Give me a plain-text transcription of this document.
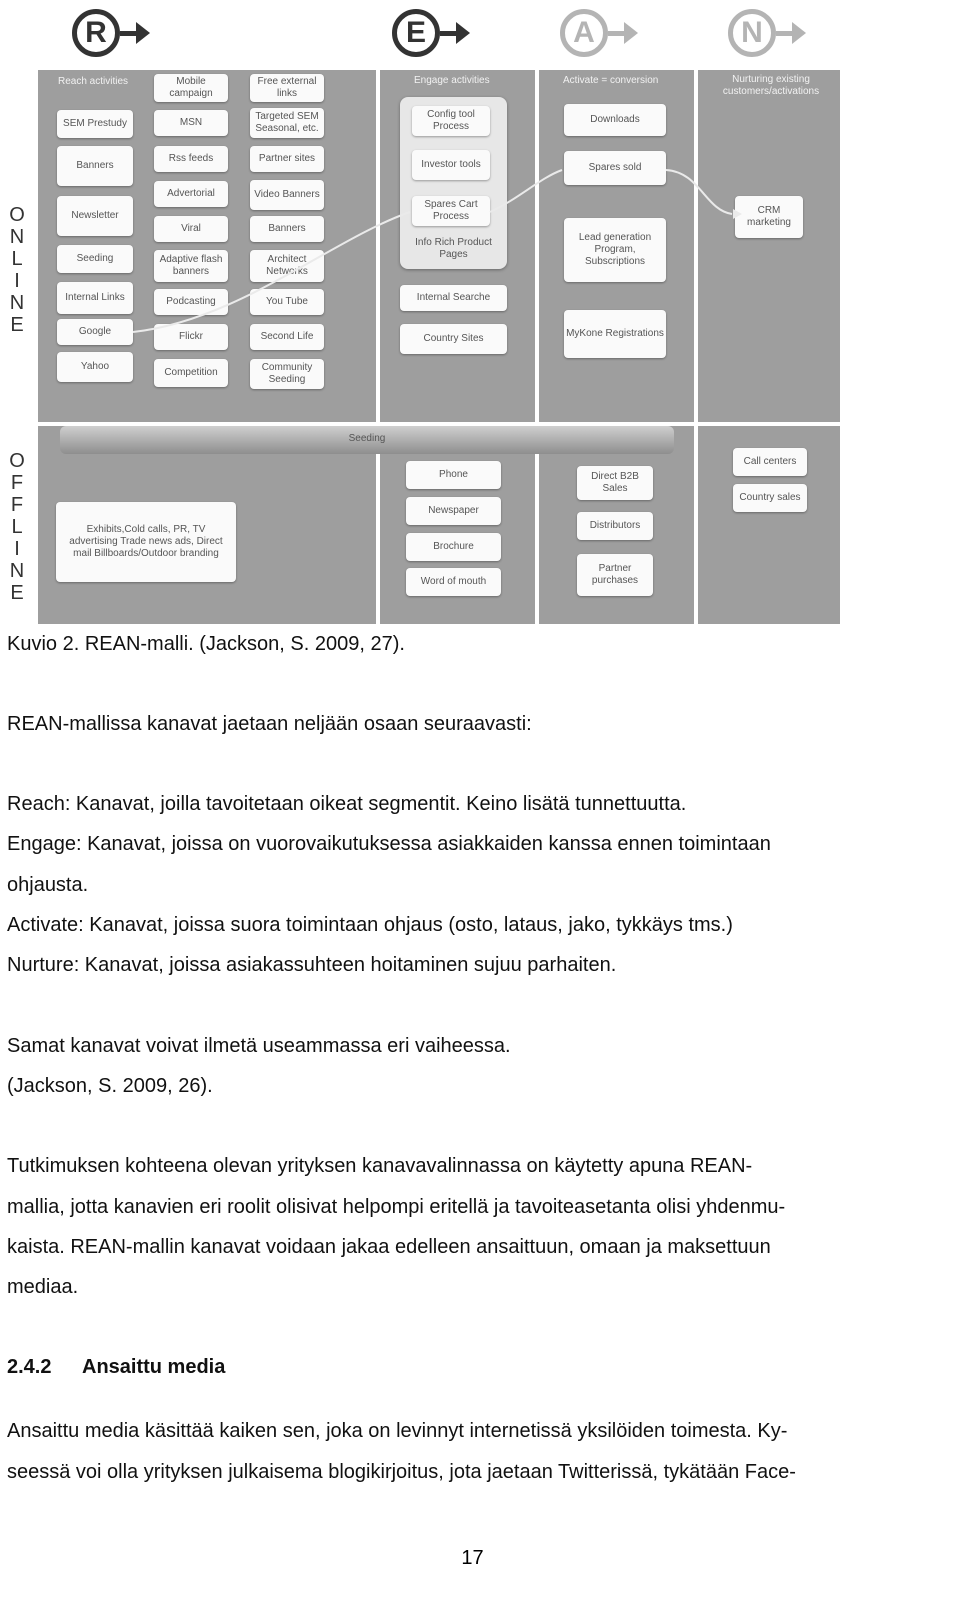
R	E	A	N
O
N
L
I
N
E
O
F
F
L
I
N
E
Reach activities	Engage activities	Activate = conversion	Nurturing existing customers/activations
SEM Prestudy
Banners
Newsletter
Seeding
Internal Links
Google
Yahoo
Mobile campaign
MSN
Rss feeds
Advertorial
Viral
Adaptive flash banners
Podcasting
Flickr
Competition
Free external links
Targeted SEM Seasonal, etc.
Partner sites
Video Banners
Banners
Architect Networks
You Tube
Second Life
Community Seeding
Info Rich Product Pages
Config tool Process
Investor tools
Spares Cart Process
Internal Searche
Country Sites
Downloads
Spares sold
Lead generation Program, Subscriptions
MyKone Registrations
CRM marketing
Seeding
Exhibits,Cold calls, PR, TV advertising Trade news ads, Direct mail Billboards/Outdoor branding
Phone
Newspaper
Brochure
Word of mouth
Direct B2B Sales
Distributors
Partner purchases
Call centers
Country sales
Kuvio 2. REAN-malli. (Jackson, S. 2009, 27).
REAN-mallissa kanavat jaetaan neljään osaan seuraavasti:
Reach: Kanavat, joilla tavoitetaan oikeat segmentit. Keino lisätä tunnettuutta.
Engage: Kanavat, joissa on vuorovaikutuksessa asiakkaiden kanssa ennen toimintaan
ohjausta.
Activate: Kanavat, joissa suora toimintaan ohjaus (osto, lataus, jako, tykkäys tms.)
Nurture: Kanavat, joissa asiakassuhteen hoitaminen sujuu parhaiten.
Samat kanavat voivat ilmetä useammassa eri vaiheessa.
(Jackson, S. 2009, 26).
Tutkimuksen kohteena olevan yrityksen kanavavalinnassa on käytetty apuna REAN-
mallia, jotta kanavien eri roolit olisivat helpompi eritellä ja tavoiteasetanta olisi yhdenmu-
kaista. REAN-mallin kanavat voidaan jakaa edelleen ansaittuun, omaan ja maksettuun
mediaa.
2.4.2 Ansaittu media
Ansaittu media käsittää kaiken sen, joka on levinnyt internetissä yksilöiden toimesta. Ky-
seessä voi olla yrityksen julkaisema blogikirjoitus, jota jaetaan Twitterissä, tykätään Face-
17
